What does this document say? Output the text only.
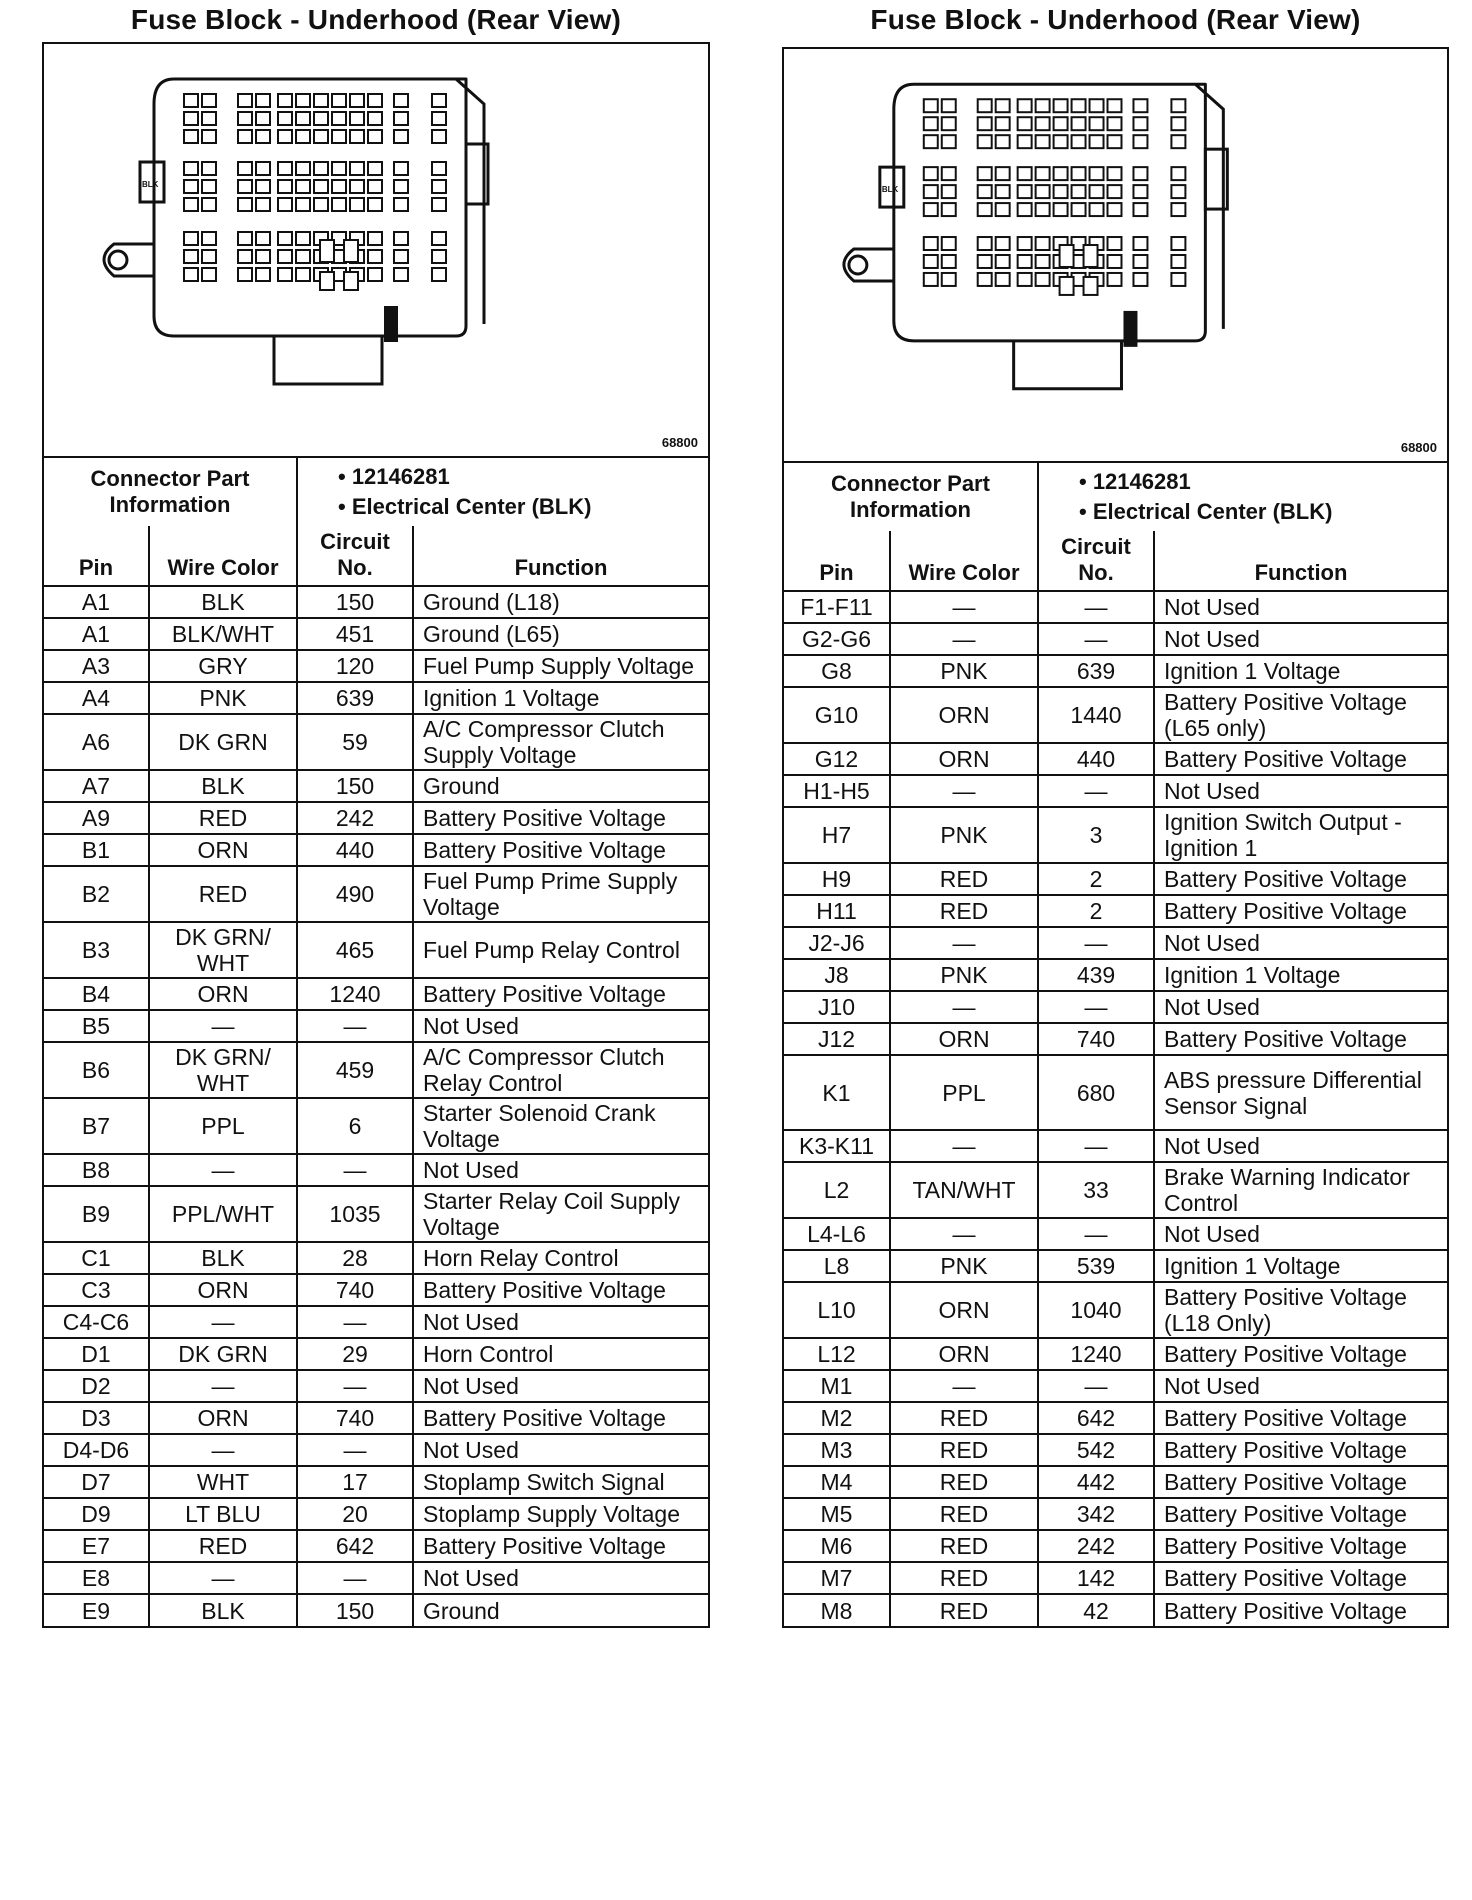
Fuse Block - Underhood (Rear View)
BLK
68800
Connector Part Information	
• 12146281
• Electrical Center (BLK)
Pin	Wire Color	Circuit No.	Function
A1	BLK	150	Ground (L18)
A1	BLK/WHT	451	Ground (L65)
A3	GRY	120	Fuel Pump Supply Voltage
A4	PNK	639	Ignition 1 Voltage
A6	DK GRN	59	A/C Compressor Clutch Supply Voltage
A7	BLK	150	Ground
A9	RED	242	Battery Positive Voltage
B1	ORN	440	Battery Positive Voltage
B2	RED	490	Fuel Pump Prime Supply Voltage
B3	DK GRN/ WHT	465	Fuel Pump Relay Control
B4	ORN	1240	Battery Positive Voltage
B5	—	—	Not Used
B6	DK GRN/ WHT	459	A/C Compressor Clutch Relay Control
B7	PPL	6	Starter Solenoid Crank Voltage
B8	—	—	Not Used
B9	PPL/WHT	1035	Starter Relay Coil Supply Voltage
C1	BLK	28	Horn Relay Control
C3	ORN	740	Battery Positive Voltage
C4-C6	—	—	Not Used
D1	DK GRN	29	Horn Control
D2	—	—	Not Used
D3	ORN	740	Battery Positive Voltage
D4-D6	—	—	Not Used
D7	WHT	17	Stoplamp Switch Signal
D9	LT BLU	20	Stoplamp Supply Voltage
E7	RED	642	Battery Positive Voltage
E8	—	—	Not Used
E9	BLK	150	Ground
Fuse Block - Underhood (Rear View)
BLK
68800
Connector Part Information	
• 12146281
• Electrical Center (BLK)
Pin	Wire Color	Circuit No.	Function
F1-F11	—	—	Not Used
G2-G6	—	—	Not Used
G8	PNK	639	Ignition 1 Voltage
G10	ORN	1440	Battery Positive Voltage (L65 only)
G12	ORN	440	Battery Positive Voltage
H1-H5	—	—	Not Used
H7	PNK	3	Ignition Switch Output - Ignition 1
H9	RED	2	Battery Positive Voltage
H11	RED	2	Battery Positive Voltage
J2-J6	—	—	Not Used
J8	PNK	439	Ignition 1 Voltage
J10	—	—	Not Used
J12	ORN	740	Battery Positive Voltage
K1	PPL	680	ABS pressure Differential Sensor Signal
K3-K11	—	—	Not Used
L2	TAN/WHT	33	Brake Warning Indicator Control
L4-L6	—	—	Not Used
L8	PNK	539	Ignition 1 Voltage
L10	ORN	1040	Battery Positive Voltage (L18 Only)
L12	ORN	1240	Battery Positive Voltage
M1	—	—	Not Used
M2	RED	642	Battery Positive Voltage
M3	RED	542	Battery Positive Voltage
M4	RED	442	Battery Positive Voltage
M5	RED	342	Battery Positive Voltage
M6	RED	242	Battery Positive Voltage
M7	RED	142	Battery Positive Voltage
M8	RED	42	Battery Positive Voltage
